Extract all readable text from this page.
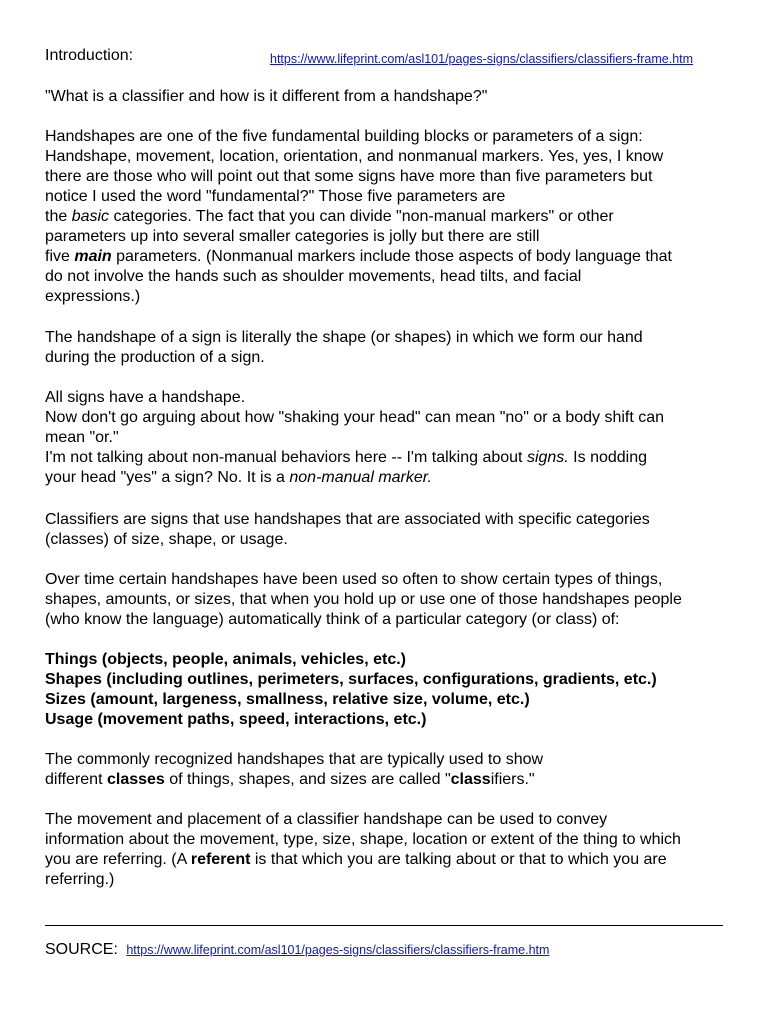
Introduction:	https://www.lifeprint.com/asl101/pages-signs/classifiers/classifiers-frame.htm

"What is a classifier and how is it different from a handshape?"

Handshapes are one of the five fundamental building blocks or parameters of a sign:
Handshape, movement, location, orientation, and nonmanual markers. Yes, yes, I know
there are those who will point out that some signs have more than five parameters but
notice I used the word "fundamental?" Those five parameters are
the basic categories. The fact that you can divide "non-manual markers" or other
parameters up into several smaller categories is jolly but there are still
five main parameters. (Nonmanual markers include those aspects of body language that
do not involve the hands such as shoulder movements, head tilts, and facial
expressions.)

The handshape of a sign is literally the shape (or shapes) in which we form our hand
during the production of a sign.

All signs have a handshape.
Now don't go arguing about how "shaking your head" can mean "no" or a body shift can
mean "or."
I'm not talking about non-manual behaviors here -- I'm talking about signs. Is nodding
your head "yes" a sign? No. It is a non-manual marker.

Classifiers are signs that use handshapes that are associated with specific categories
(classes) of size, shape, or usage.

Over time certain handshapes have been used so often to show certain types of things,
shapes, amounts, or sizes, that when you hold up or use one of those handshapes people
(who know the language) automatically think of a particular category (or class) of:

Things (objects, people, animals, vehicles, etc.)
Shapes (including outlines, perimeters, surfaces, configurations, gradients, etc.)
Sizes (amount, largeness, smallness, relative size, volume, etc.)
Usage (movement paths, speed, interactions, etc.)

The commonly recognized handshapes that are typically used to show
different classes of things, shapes, and sizes are called "classifiers."

The movement and placement of a classifier handshape can be used to convey
information about the movement, type, size, shape, location or extent of the thing to which
you are referring. (A referent is that which you are talking about or that to which you are
referring.)

SOURCE: https://www.lifeprint.com/asl101/pages-signs/classifiers/classifiers-frame.htm
